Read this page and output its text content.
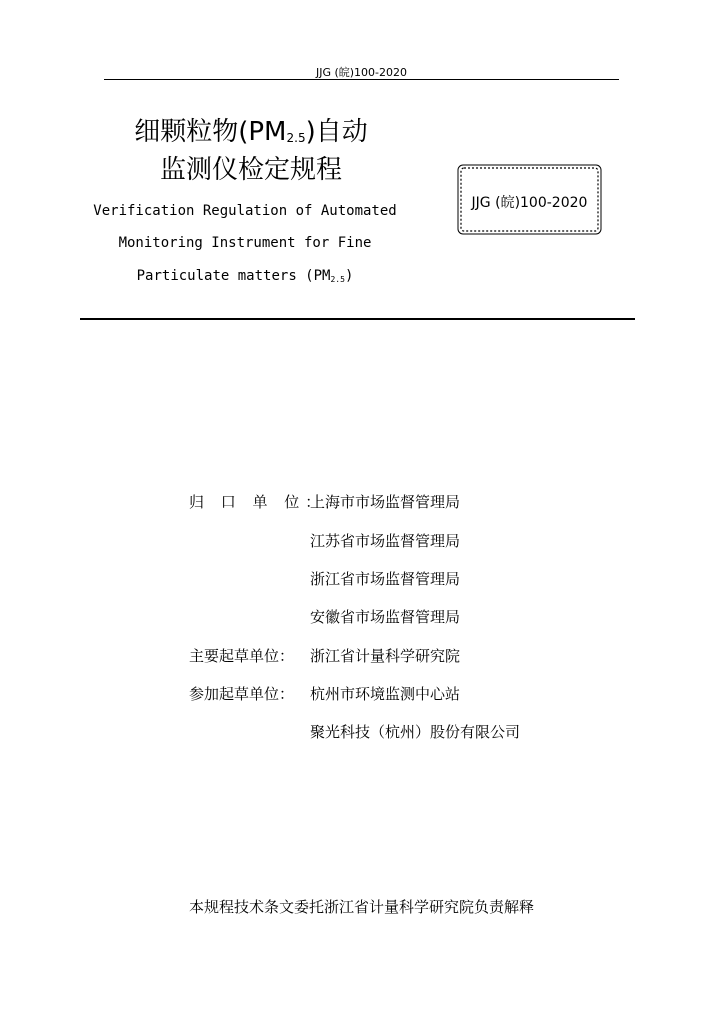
JJG (皖)100-2020
细颗粒物$(PM_{2.5})$自动
监测仪检定规程
Verification Regulation of Automated
Monitoring Instrument for Fine
Particulate matters $(PM_{2.5})$
JJG (皖)100-2020
归 口 单 位：
上海市市场监督管理局
江苏省市场监督管理局
浙江省市场监督管理局
安徽省市场监督管理局
主要起草单位：	浙江省计量科学研究院
参加起草单位：	杭州市环境监测中心站
聚光科技（杭州）股份有限公司
本规程技术条文委托浙江省计量科学研究院负责解释
